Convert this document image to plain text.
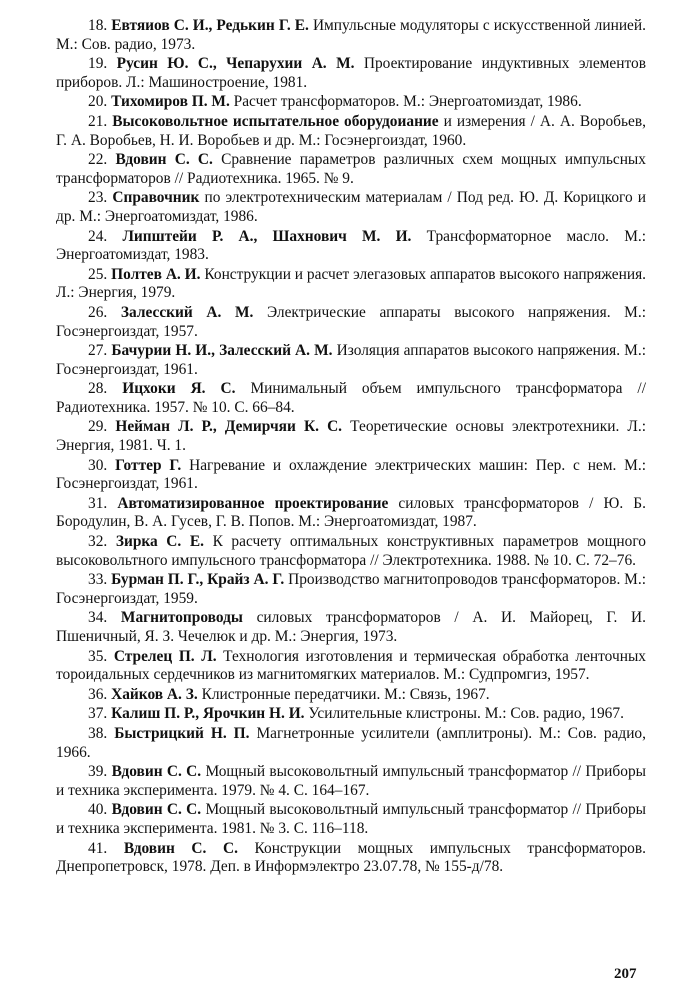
18. Евтяиов С. И., Редькин Г. Е. Импульсные модуляторы с искусственной линией. М.: Сов. радио, 1973.

19. Русин Ю. С., Чепарухии А. М. Проектирование индуктивных элементов приборов. Л.: Машиностроение, 1981.

20. Тихомиров П. М. Расчет трансформаторов. М.: Энергоатомиздат, 1986.

21. Высоковольтное испытательное оборудоиание и измерения / А. А. Воробьев, Г. А. Воробьев, Н. И. Воробьев и др. М.: Госэнергоиздат, 1960.

22. Вдовин С. С. Сравнение параметров различных схем мощных импульсных трансформаторов // Радиотехника. 1965. № 9.

23. Справочник по электротехническим материалам / Под ред. Ю. Д. Корицкого и др. М.: Энергоатомиздат, 1986.

24. Липштейи Р. А., Шахнович М. И. Трансформаторное масло. М.: Энергоатомиздат, 1983.

25. Полтев А. И. Конструкции и расчет элегазовых аппаратов высокого напряжения. Л.: Энергия, 1979.

26. Залесский А. М. Электрические аппараты высокого напряжения. М.: Госэнергоиздат, 1957.

27. Бачурии Н. И., Залесский А. М. Изоляция аппаратов высокого напряжения. М.: Госэнергоиздат, 1961.

28. Ицхоки Я. С. Минимальный объем импульсного трансформатора // Радиотехника. 1957. № 10. С. 66–84.

29. Нейман Л. Р., Демирчяи К. С. Теоретические основы электротехники. Л.: Энергия, 1981. Ч. 1.

30. Готтер Г. Нагревание и охлаждение электрических машин: Пер. с нем. М.: Госэнергоиздат, 1961.

31. Автоматизированное проектирование силовых трансформаторов / Ю. Б. Бородулин, В. А. Гусев, Г. В. Попов. М.: Энергоатомиздат, 1987.

32. Зирка С. Е. К расчету оптимальных конструктивных параметров мощного высоковольтного импульсного трансформатора // Электротехника. 1988. № 10. С. 72–76.

33. Бурман П. Г., Крайз А. Г. Производство магнитопроводов трансформаторов. М.: Госэнергоиздат, 1959.

34. Магнитопроводы силовых трансформаторов / А. И. Майорец, Г. И. Пшеничный, Я. З. Чечелюк и др. М.: Энергия, 1973.

35. Стрелец П. Л. Технология изготовления и термическая обработка ленточных тороидальных сердечников из магнитомягких материалов. М.: Судпромгиз, 1957.

36. Хайков А. З. Клистронные передатчики. М.: Связь, 1967.

37. Калиш П. Р., Ярочкин Н. И. Усилительные клистроны. М.: Сов. радио, 1967.

38. Быстрицкий Н. П. Магнетронные усилители (амплитроны). М.: Сов. радио, 1966.

39. Вдовин С. С. Мощный высоковольтный импульсный трансформатор // Приборы и техника эксперимента. 1979. № 4. С. 164–167.

40. Вдовин С. С. Мощный высоковольтный импульсный трансформатор // Приборы и техника эксперимента. 1981. № 3. С. 116–118.

41. Вдовин С. С. Конструкции мощных импульсных трансформаторов. Днепропетровск, 1978. Деп. в Информэлектро 23.07.78, № 155-д/78.

207
